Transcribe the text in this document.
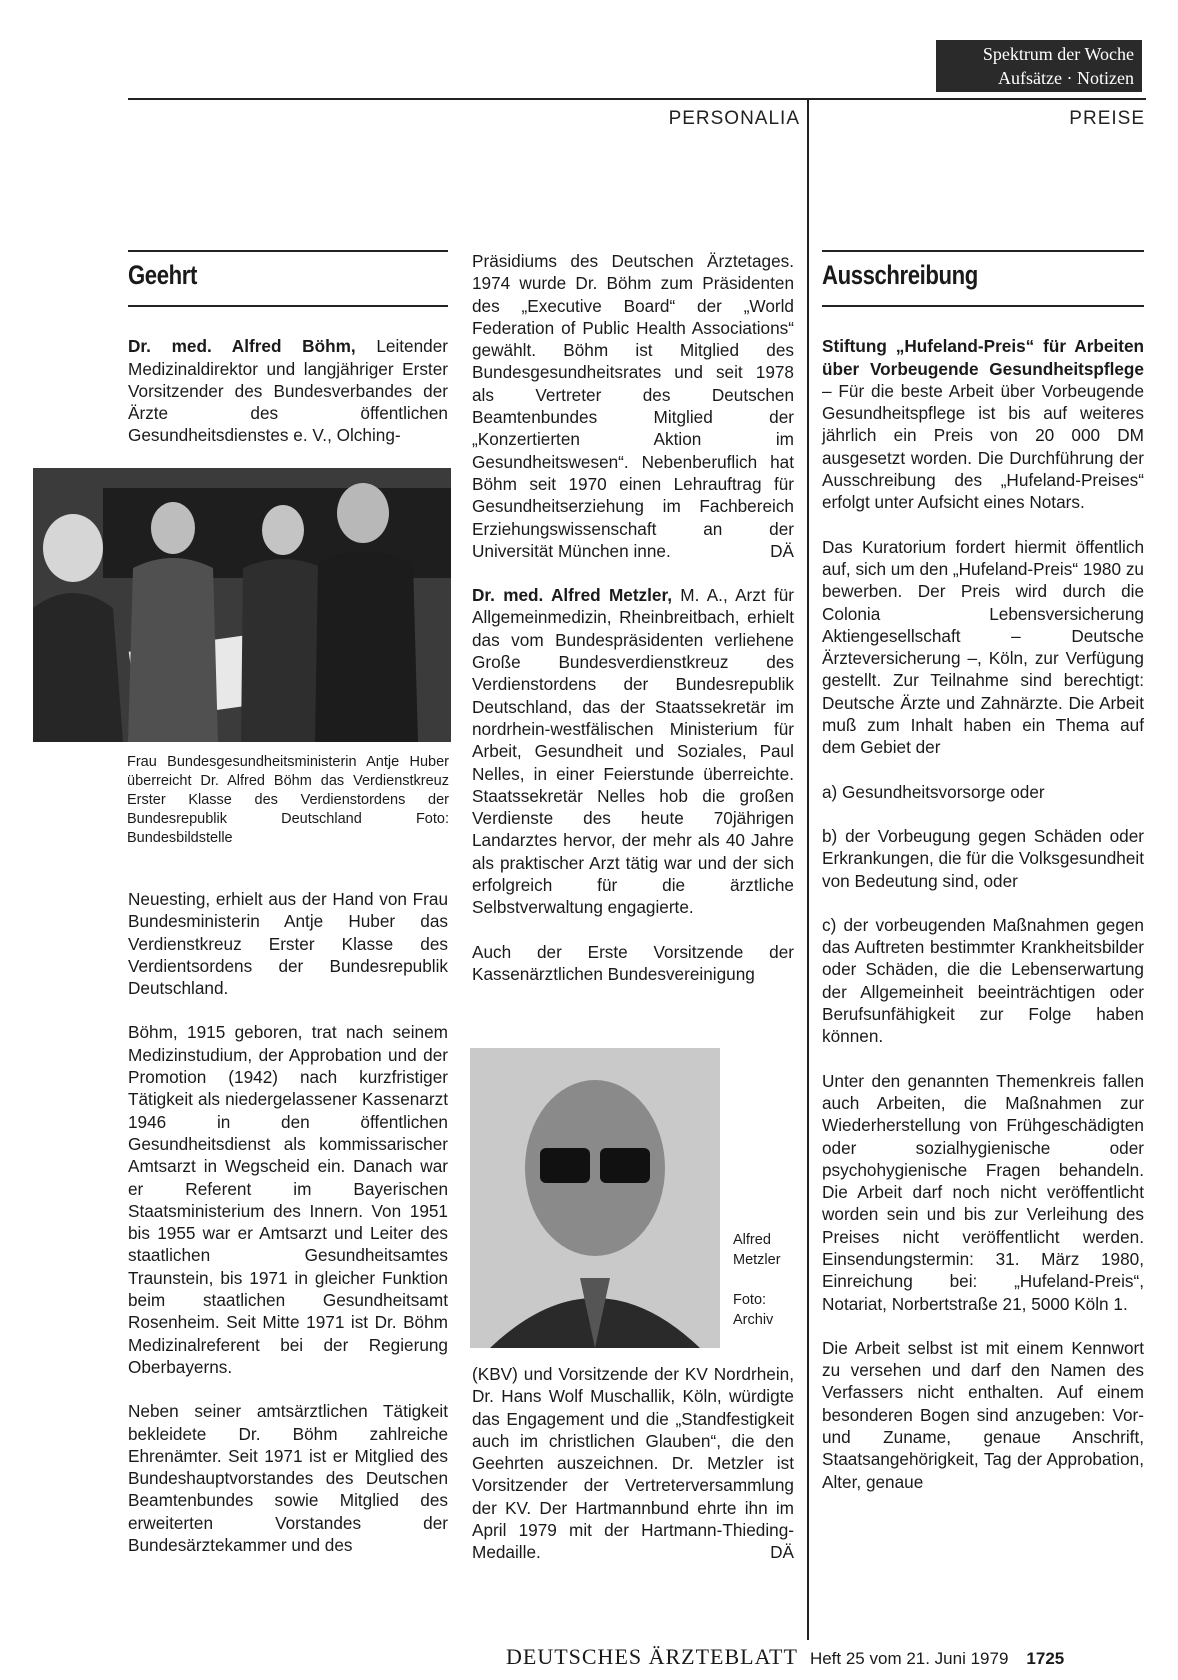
Spektrum der Woche
Aufsätze · Notizen
PERSONALIA	PREISE
Geehrt

Dr. med. Alfred Böhm, Leitender Medizinaldirektor und langjähriger Erster Vorsitzender des Bundesverbandes der Ärzte des öffentlichen Gesundheitsdienstes e. V., Olching-

Frau Bundesgesundheitsministerin Antje Huber überreicht Dr. Alfred Böhm das Verdienstkreuz Erster Klasse des Verdienstordens der Bundesrepublik Deutschland Foto: Bundesbildstelle

Neuesting, erhielt aus der Hand von Frau Bundesministerin Antje Huber das Verdienstkreuz Erster Klasse des Verdientsordens der Bundesrepublik Deutschland.

Böhm, 1915 geboren, trat nach seinem Medizinstudium, der Approbation und der Promotion (1942) nach kurzfristiger Tätigkeit als niedergelassener Kassenarzt 1946 in den öffentlichen Gesundheitsdienst als kommissarischer Amtsarzt in Wegscheid ein. Danach war er Referent im Bayerischen Staatsministerium des Innern. Von 1951 bis 1955 war er Amtsarzt und Leiter des staatlichen Gesundheitsamtes Traunstein, bis 1971 in gleicher Funktion beim staatlichen Gesundheitsamt Rosenheim. Seit Mitte 1971 ist Dr. Böhm Medizinalreferent bei der Regierung Oberbayerns.

Neben seiner amtsärztlichen Tätigkeit bekleidete Dr. Böhm zahlreiche Ehrenämter. Seit 1971 ist er Mitglied des Bundeshauptvorstandes des Deutschen Beamtenbundes sowie Mitglied des erweiterten Vorstandes der Bundesärztekammer und des

Präsidiums des Deutschen Ärztetages. 1974 wurde Dr. Böhm zum Präsidenten des „Executive Board“ der „World Federation of Public Health Associations“ gewählt. Böhm ist Mitglied des Bundesgesundheitsrates und seit 1978 als Vertreter des Deutschen Beamtenbundes Mitglied der „Konzertierten Aktion im Gesundheitswesen“. Nebenberuflich hat Böhm seit 1970 einen Lehrauftrag für Gesundheitserziehung im Fachbereich Erziehungswissenschaft an der Universität München inne.	DÄ

Dr. med. Alfred Metzler, M. A., Arzt für Allgemeinmedizin, Rheinbreitbach, erhielt das vom Bundespräsidenten verliehene Große Bundesverdienstkreuz des Verdienstordens der Bundesrepublik Deutschland, das der Staatssekretär im nordrhein-westfälischen Ministerium für Arbeit, Gesundheit und Soziales, Paul Nelles, in einer Feierstunde überreichte. Staatssekretär Nelles hob die großen Verdienste des heute 70jährigen Landarztes hervor, der mehr als 40 Jahre als praktischer Arzt tätig war und der sich erfolgreich für die ärztliche Selbstverwaltung engagierte.

Auch der Erste Vorsitzende der Kassenärztlichen Bundesvereinigung

Alfred Metzler
Foto: Archiv

(KBV) und Vorsitzende der KV Nordrhein, Dr. Hans Wolf Muschallik, Köln, würdigte das Engagement und die „Standfestigkeit auch im christlichen Glauben“, die den Geehrten auszeichnen. Dr. Metzler ist Vorsitzender der Vertreterversammlung der KV. Der Hartmannbund ehrte ihn im April 1979 mit der Hartmann-Thieding-Medaille.	DÄ

Ausschreibung

Stiftung „Hufeland-Preis“ für Arbeiten über Vorbeugende Gesundheitspflege – Für die beste Arbeit über Vorbeugende Gesundheitspflege ist bis auf weiteres jährlich ein Preis von 20 000 DM ausgesetzt worden. Die Durchführung der Ausschreibung des „Hufeland-Preises“ erfolgt unter Aufsicht eines Notars.

Das Kuratorium fordert hiermit öffentlich auf, sich um den „Hufeland-Preis“ 1980 zu bewerben. Der Preis wird durch die Colonia Lebensversicherung Aktiengesellschaft – Deutsche Ärzteversicherung –, Köln, zur Verfügung gestellt. Zur Teilnahme sind berechtigt: Deutsche Ärzte und Zahnärzte. Die Arbeit muß zum Inhalt haben ein Thema auf dem Gebiet der

a) Gesundheitsvorsorge oder

b) der Vorbeugung gegen Schäden oder Erkrankungen, die für die Volksgesundheit von Bedeutung sind, oder

c) der vorbeugenden Maßnahmen gegen das Auftreten bestimmter Krankheitsbilder oder Schäden, die die Lebenserwartung der Allgemeinheit beeinträchtigen oder Berufsunfähigkeit zur Folge haben können.

Unter den genannten Themenkreis fallen auch Arbeiten, die Maßnahmen zur Wiederherstellung von Frühgeschädigten oder sozialhygienische oder psychohygienische Fragen behandeln. Die Arbeit darf noch nicht veröffentlicht worden sein und bis zur Verleihung des Preises nicht veröffentlicht werden. Einsendungstermin: 31. März 1980, Einreichung bei: „Hufeland-Preis“, Notariat, Norbertstraße 21, 5000 Köln 1.

Die Arbeit selbst ist mit einem Kennwort zu versehen und darf den Namen des Verfassers nicht enthalten. Auf einem besonderen Bogen sind anzugeben: Vor- und Zuname, genaue Anschrift, Staatsangehörigkeit, Tag der Approbation, Alter, genaue

DEUTSCHES ÄRZTEBLATT Heft 25 vom 21. Juni 1979 1725
